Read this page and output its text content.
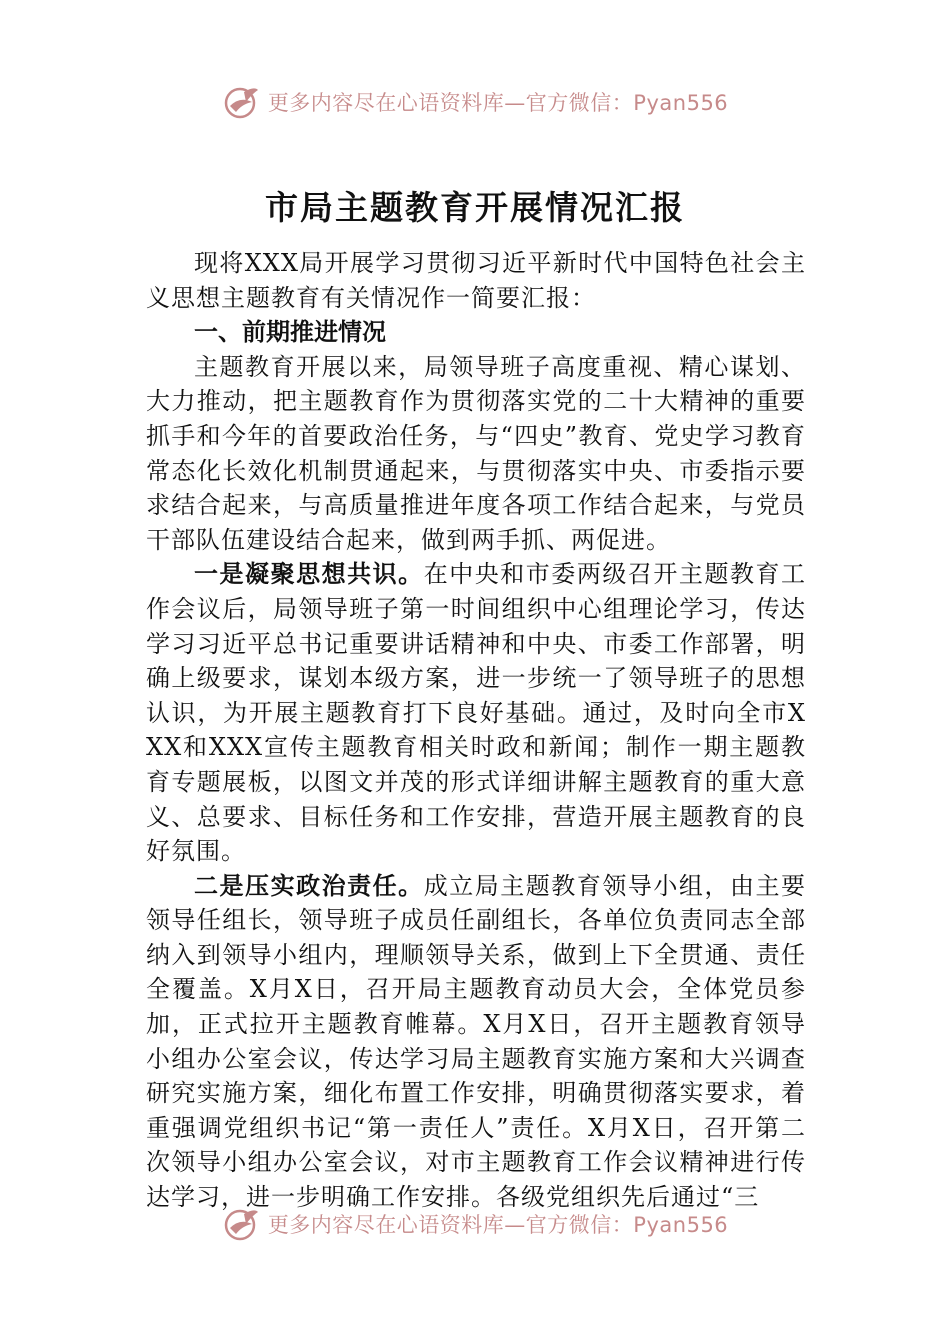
更多内容尽在心语资料库—官方微信：Pyan556
市局主题教育开展情况汇报

现将XXX局开展学习贯彻习近平新时代中国特色社会主义思想主题教育有关情况作一简要汇报：

一、前期推进情况

主题教育开展以来，局领导班子高度重视、精心谋划、大力推动，把主题教育作为贯彻落实党的二十大精神的重要抓手和今年的首要政治任务，与“四史”教育、党史学习教育常态化长效化机制贯通起来，与贯彻落实中央、市委指示要求结合起来，与高质量推进年度各项工作结合起来，与党员干部队伍建设结合起来，做到两手抓、两促进。

一是凝聚思想共识。在中央和市委两级召开主题教育工作会议后，局领导班子第一时间组织中心组理论学习，传达学习习近平总书记重要讲话精神和中央、市委工作部署，明确上级要求，谋划本级方案，进一步统一了领导班子的思想认识，为开展主题教育打下良好基础。通过，及时向全市XXX和XXX宣传主题教育相关时政和新闻；制作一期主题教育专题展板，以图文并茂的形式详细讲解主题教育的重大意义、总要求、目标任务和工作安排，营造开展主题教育的良好氛围。

二是压实政治责任。成立局主题教育领导小组，由主要领导任组长，领导班子成员任副组长，各单位负责同志全部纳入到领导小组内，理顺领导关系，做到上下全贯通、责任全覆盖。X月X日，召开局主题教育动员大会，全体党员参加，正式拉开主题教育帷幕。X月X日，召开主题教育领导小组办公室会议，传达学习局主题教育实施方案和大兴调查研究实施方案，细化布置工作安排，明确贯彻落实要求，着重强调党组织书记“第一责任人”责任。X月X日，召开第二次领导小组办公室会议，对市主题教育工作会议精神进行传达学习，进一步明确工作安排。各级党组织先后通过“三

更多内容尽在心语资料库—官方微信：Pyan556
